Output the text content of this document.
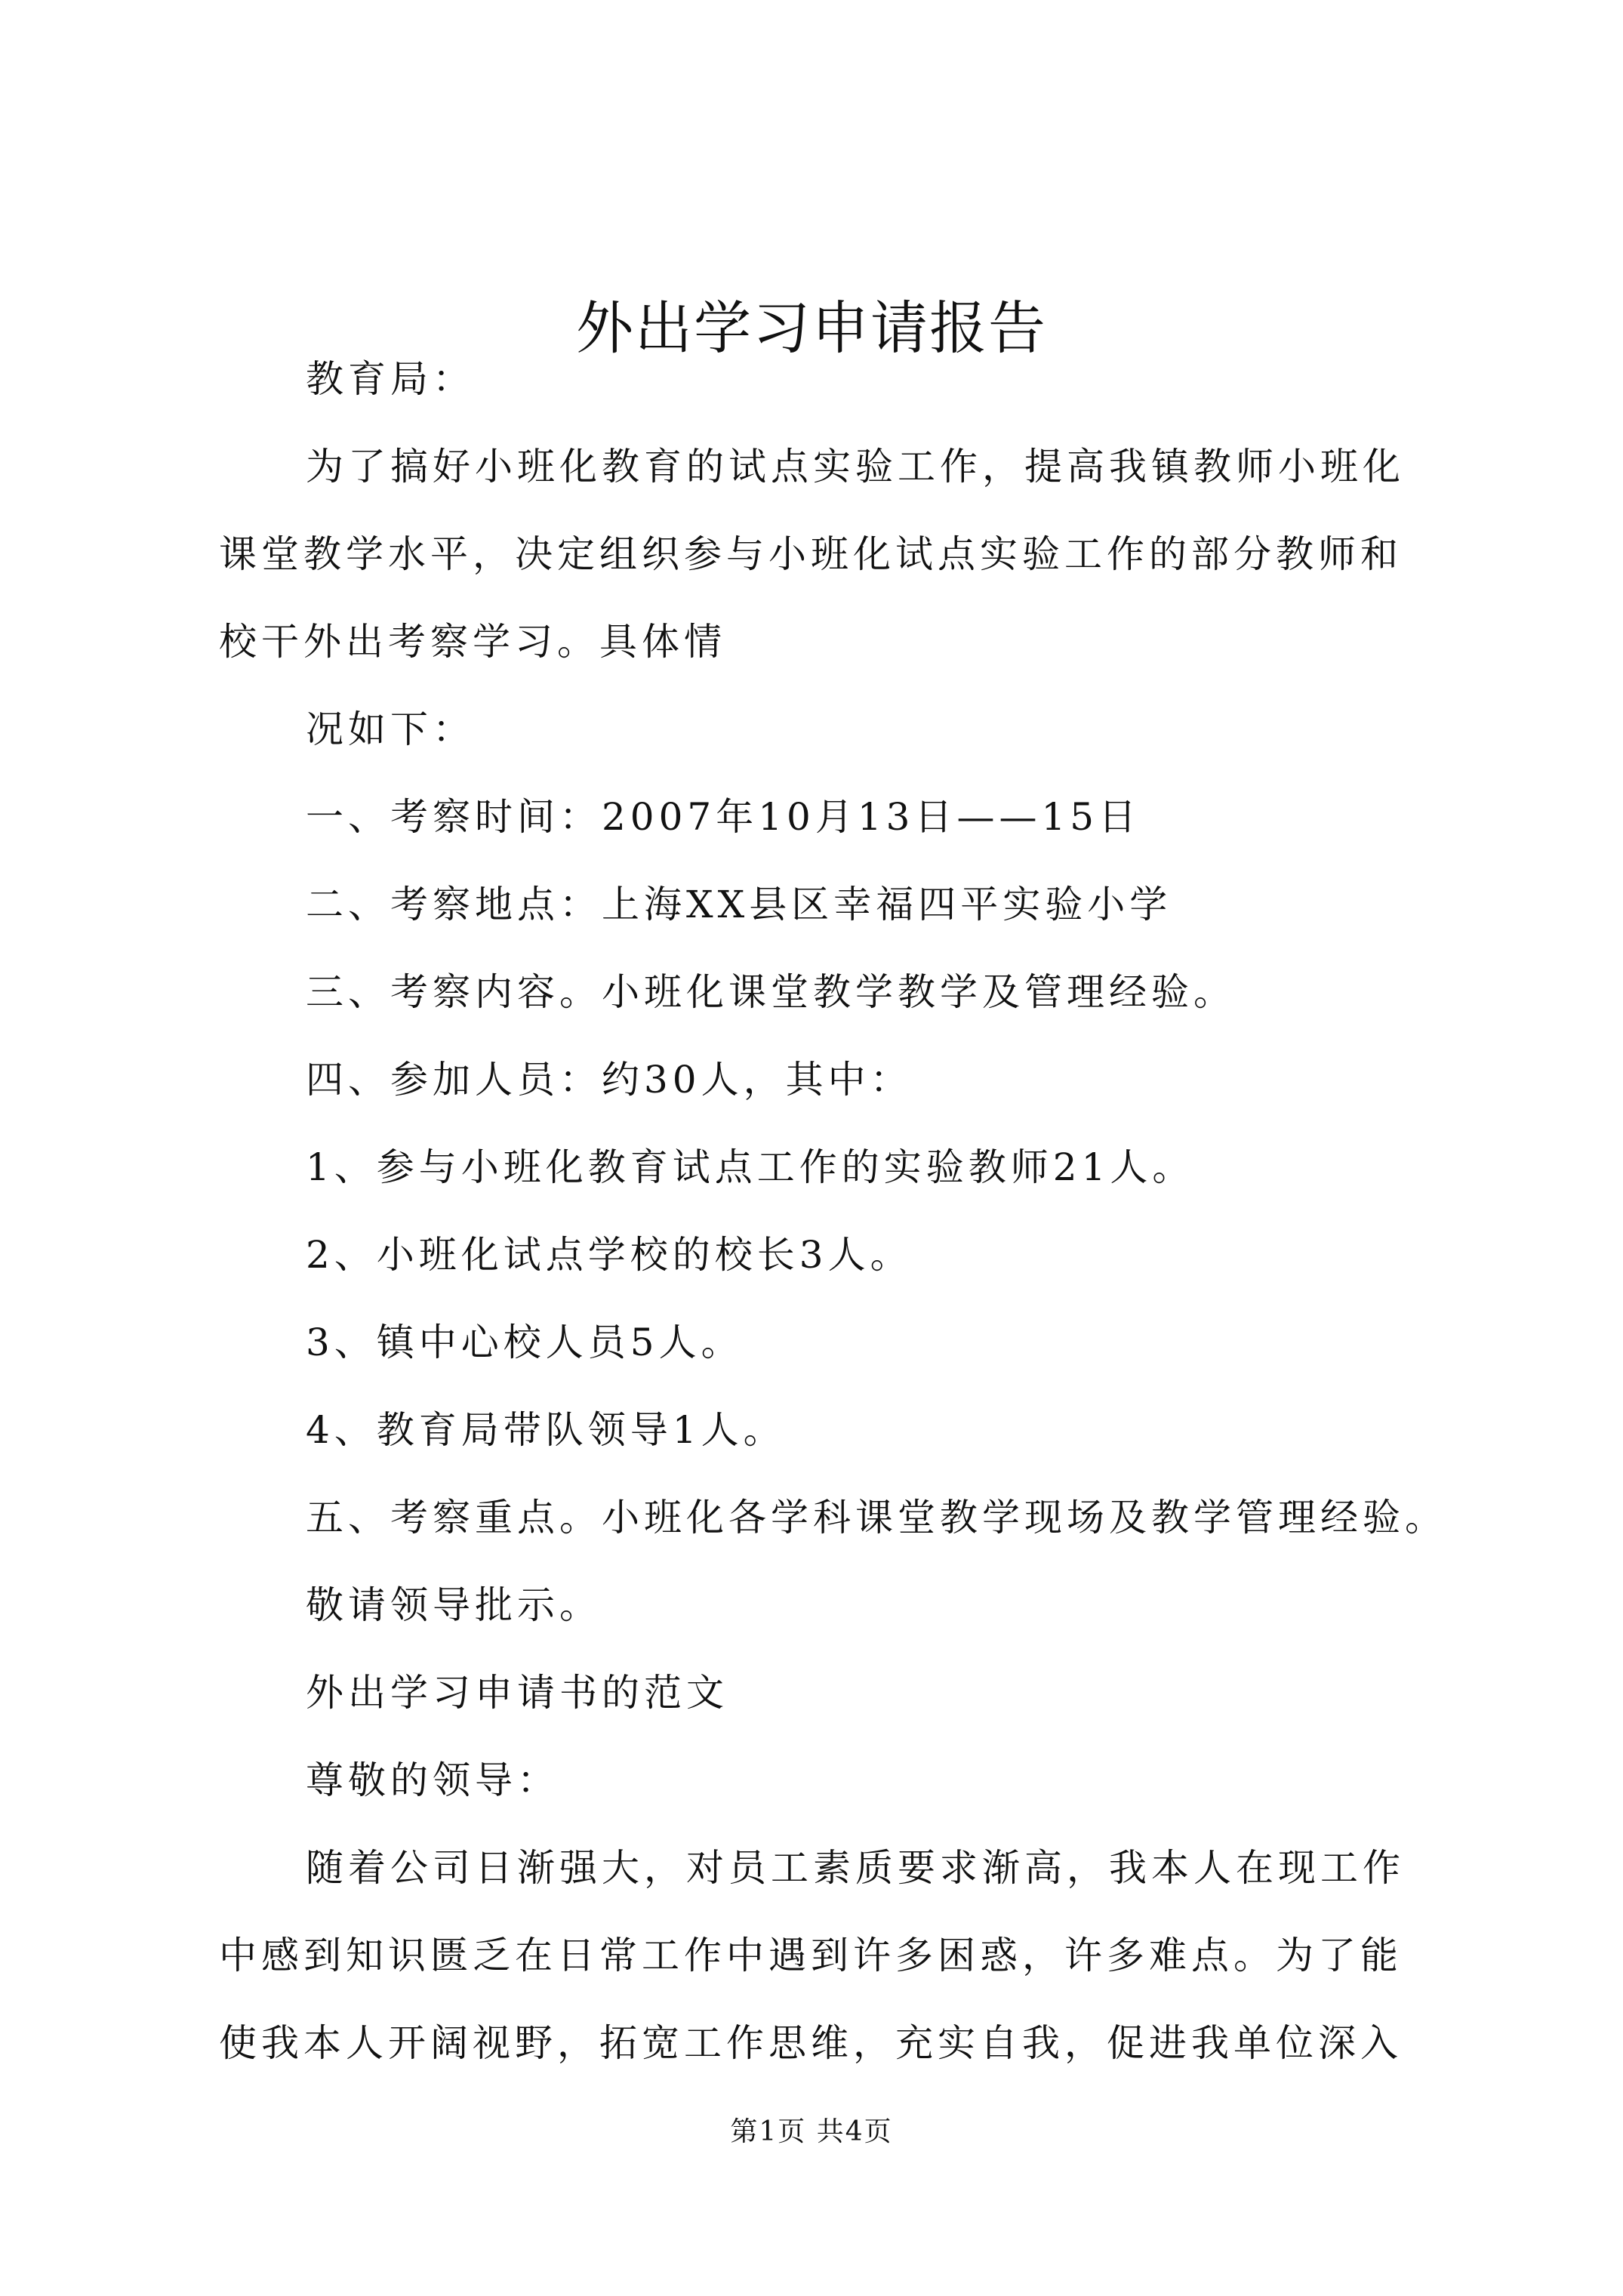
外出学习申请报告
教育局：
为了搞好小班化教育的试点实验工作，提高我镇教师小班化
课堂教学水平，决定组织参与小班化试点实验工作的部分教师和
校干外出考察学习。具体情
况如下：
一、考察时间：2007年10月13日——15日
二、考察地点：上海XX县区幸福四平实验小学
三、考察内容。小班化课堂教学教学及管理经验。
四、参加人员：约30人，其中：
1、参与小班化教育试点工作的实验教师21人。
2、小班化试点学校的校长3人。
3、镇中心校人员5人。
4、教育局带队领导1人。
五、考察重点。小班化各学科课堂教学现场及教学管理经验。
敬请领导批示。
外出学习申请书的范文
尊敬的领导：
随着公司日渐强大，对员工素质要求渐高，我本人在现工作
中感到知识匮乏在日常工作中遇到许多困惑，许多难点。为了能
使我本人开阔视野，拓宽工作思维，充实自我，促进我单位深入
第1页 共4页
